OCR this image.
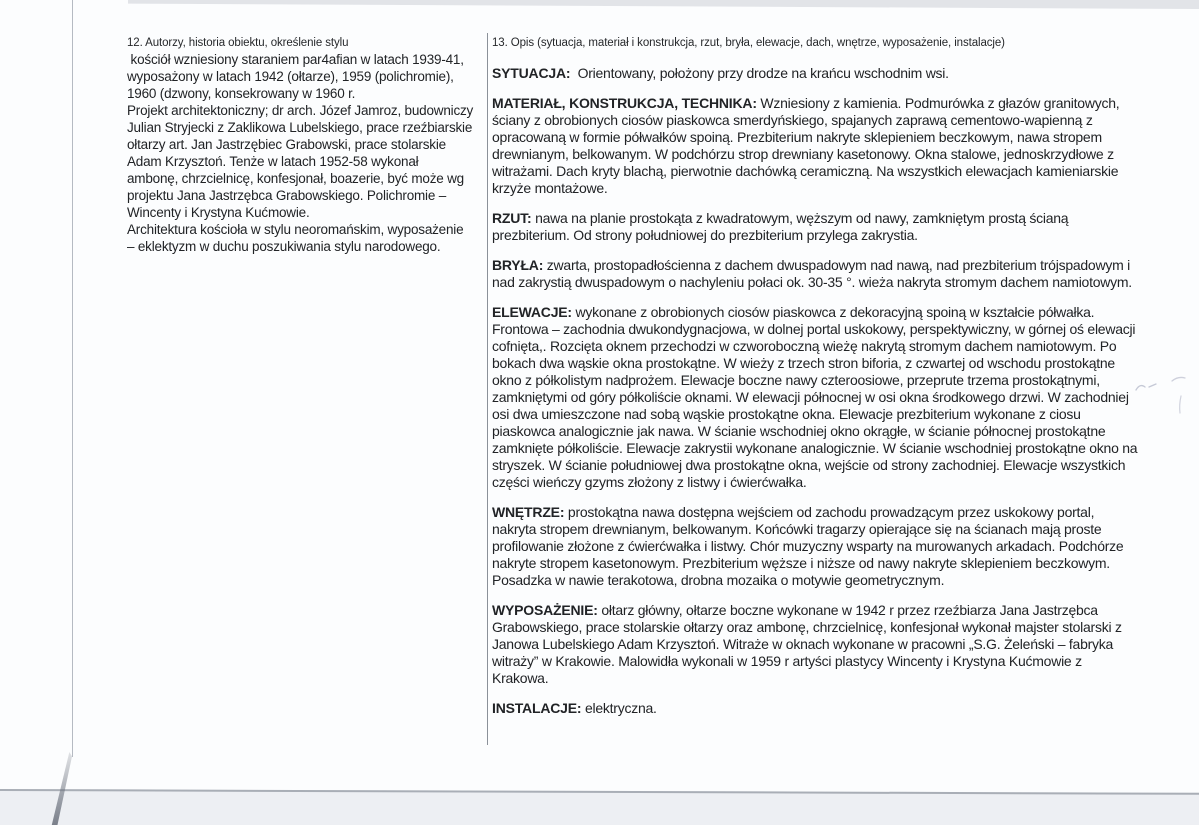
12. Autorzy, historia obiektu, określenie stylu
kościół wzniesiony staraniem par4afian w latach 1939-41,
wyposażony w latach 1942 (ołtarze), 1959 (polichromie),
1960 (dzwony, konsekrowany w 1960 r.
Projekt architektoniczny; dr arch. Józef Jamroz, budowniczy
Julian Stryjecki z Zaklikowa Lubelskiego, prace rzeźbiarskie
ołtarzy art. Jan Jastrzębiec Grabowski, prace stolarskie
Adam Krzysztoń. Tenże w latach 1952-58 wykonał
ambonę, chrzcielnicę, konfesjonał, boazerie, być może wg
projektu Jana Jastrzębca Grabowskiego. Polichromie –
Wincenty i Krystyna Kućmowie.
Architektura kościoła w stylu neoromańskim, wyposażenie
– eklektyzm w duchu poszukiwania stylu narodowego.
13. Opis (sytuacja, materiał i konstrukcja, rzut, bryła, elewacje, dach, wnętrze, wyposażenie, instalacje)

SYTUACJA:  Orientowany, położony przy drodze na krańcu wschodnim wsi.

MATERIAŁ, KONSTRUKCJA, TECHNIKA: Wzniesiony z kamienia. Podmurówka z głazów granitowych, ściany z obrobionych ciosów piaskowca smerdyńskiego, spajanych zaprawą cementowo-wapienną z opracowaną w formie półwałków spoiną. Prezbiterium nakryte sklepieniem beczkowym, nawa stropem drewnianym, belkowanym. W podchórzu strop drewniany kasetonowy. Okna stalowe, jednoskrzydłowe z witrażami. Dach kryty blachą, pierwotnie dachówką ceramiczną. Na wszystkich elewacjach kamieniarskie krzyże montażowe.

RZUT: nawa na planie prostokąta z kwadratowym, węższym od nawy, zamkniętym prostą ścianą prezbiterium. Od strony południowej do prezbiterium przylega zakrystia.

BRYŁA: zwarta, prostopadłościenna z dachem dwuspadowym nad nawą, nad prezbiterium trójspadowym i nad zakrystią dwuspadowym o nachyleniu połaci ok. 30-35 °. wieża nakryta stromym dachem namiotowym.

ELEWACJE: wykonane z obrobionych ciosów piaskowca z dekoracyjną spoiną w kształcie półwałka. Frontowa – zachodnia dwukondygnacjowa, w dolnej portal uskokowy, perspektywiczny, w górnej oś elewacji cofnięta,. Rozcięta oknem przechodzi w czworoboczną wieżę nakrytą stromym dachem namiotowym. Po bokach dwa wąskie okna prostokątne. W wieży z trzech stron biforia, z czwartej od wschodu prostokątne okno z półkolistym nadprożem. Elewacje boczne nawy czteroosiowe, przeprute trzema prostokątnymi,  zamkniętymi od góry półkoliście oknami. W elewacji północnej w osi okna środkowego drzwi. W zachodniej osi dwa umieszczone nad sobą wąskie prostokątne okna. Elewacje prezbiterium wykonane z ciosu piaskowca analogicznie jak nawa. W ścianie wschodniej okno okrągłe, w ścianie północnej prostokątne zamknięte półkoliście. Elewacje zakrystii wykonane analogicznie. W ścianie wschodniej prostokątne okno na stryszek. W ścianie południowej dwa prostokątne okna, wejście od strony zachodniej. Elewacje wszystkich części wieńczy gzyms złożony z listwy i ćwierćwałka.

WNĘTRZE: prostokątna nawa dostępna wejściem od zachodu prowadzącym przez uskokowy portal, nakryta stropem drewnianym, belkowanym. Końcówki tragarzy opierające się na ścianach mają proste profilowanie złożone z ćwierćwałka i listwy. Chór muzyczny wsparty na murowanych arkadach. Podchórze nakryte stropem kasetonowym. Prezbiterium węższe i niższe od nawy nakryte sklepieniem beczkowym. Posadzka w nawie terakotowa, drobna mozaika o motywie geometrycznym.

WYPOSAŻENIE: ołtarz główny, ołtarze boczne wykonane w 1942 r przez rzeźbiarza Jana Jastrzębca Grabowskiego, prace stolarskie ołtarzy oraz ambonę, chrzcielnicę, konfesjonał wykonał majster stolarski z Janowa Lubelskiego Adam Krzysztoń. Witraże w oknach wykonane w pracowni „S.G. Żeleński – fabryka witraży” w Krakowie. Malowidła wykonali w 1959 r artyści plastycy Wincenty i Krystyna Kućmowie z Krakowa.

INSTALACJE: elektryczna.
